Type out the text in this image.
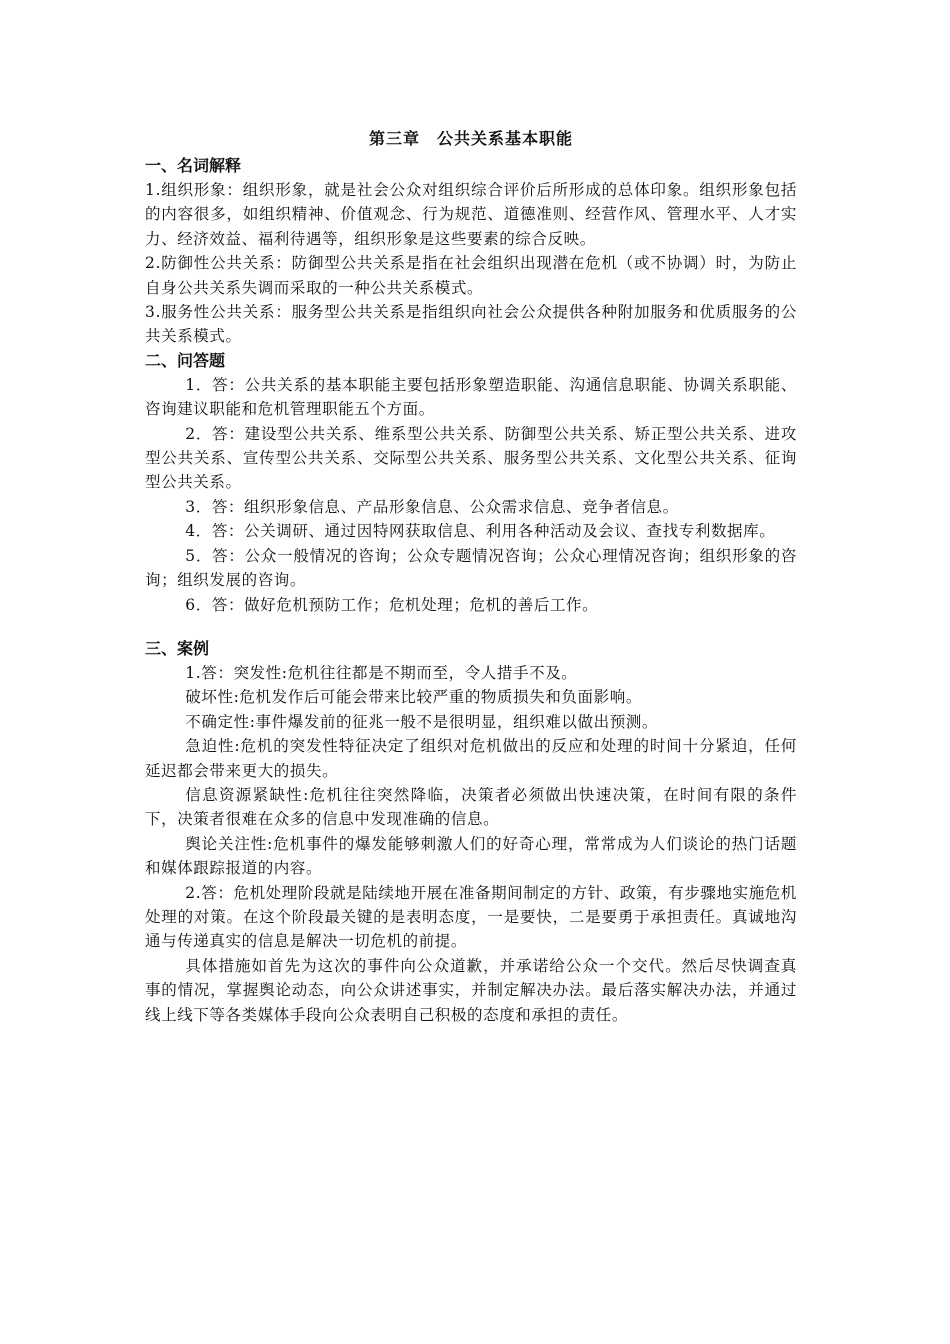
第三章　公共关系基本职能
一、名词解释

1.组织形象：组织形象，就是社会公众对组织综合评价后所形成的总体印象。组织形象包括的内容很多，如组织精神、价值观念、行为规范、道德准则、经营作风、管理水平、人才实力、经济效益、福利待遇等，组织形象是这些要素的综合反映。

2.防御性公共关系：防御型公共关系是指在社会组织出现潜在危机（或不协调）时，为防止自身公共关系失调而采取的一种公共关系模式。

3.服务性公共关系：服务型公共关系是指组织向社会公众提供各种附加服务和优质服务的公共关系模式。

二、问答题

1．答：公共关系的基本职能主要包括形象塑造职能、沟通信息职能、协调关系职能、咨询建议职能和危机管理职能五个方面。

2．答：建设型公共关系、维系型公共关系、防御型公共关系、矫正型公共关系、进攻型公共关系、宣传型公共关系、交际型公共关系、服务型公共关系、文化型公共关系、征询型公共关系。

3．答：组织形象信息、产品形象信息、公众需求信息、竞争者信息。

4．答：公关调研、通过因特网获取信息、利用各种活动及会议、查找专利数据库。

5．答：公众一般情况的咨询；公众专题情况咨询；公众心理情况咨询；组织形象的咨询；组织发展的咨询。

6．答：做好危机预防工作；危机处理；危机的善后工作。

三、案例

1.答：突发性:危机往往都是不期而至，令人措手不及。

破坏性:危机发作后可能会带来比较严重的物质损失和负面影响。

不确定性:事件爆发前的征兆一般不是很明显，组织难以做出预测。

急迫性:危机的突发性特征决定了组织对危机做出的反应和处理的时间十分紧迫，任何延迟都会带来更大的损失。

信息资源紧缺性:危机往往突然降临，决策者必须做出快速决策，在时间有限的条件下，决策者很难在众多的信息中发现准确的信息。

舆论关注性:危机事件的爆发能够刺激人们的好奇心理，常常成为人们谈论的热门话题和媒体跟踪报道的内容。

2.答：危机处理阶段就是陆续地开展在准备期间制定的方针、政策，有步骤地实施危机处理的对策。在这个阶段最关键的是表明态度，一是要快，二是要勇于承担责任。真诚地沟通与传递真实的信息是解决一切危机的前提。

具体措施如首先为这次的事件向公众道歉，并承诺给公众一个交代。然后尽快调查真事的情况，掌握舆论动态，向公众讲述事实，并制定解决办法。最后落实解决办法，并通过线上线下等各类媒体手段向公众表明自己积极的态度和承担的责任。
